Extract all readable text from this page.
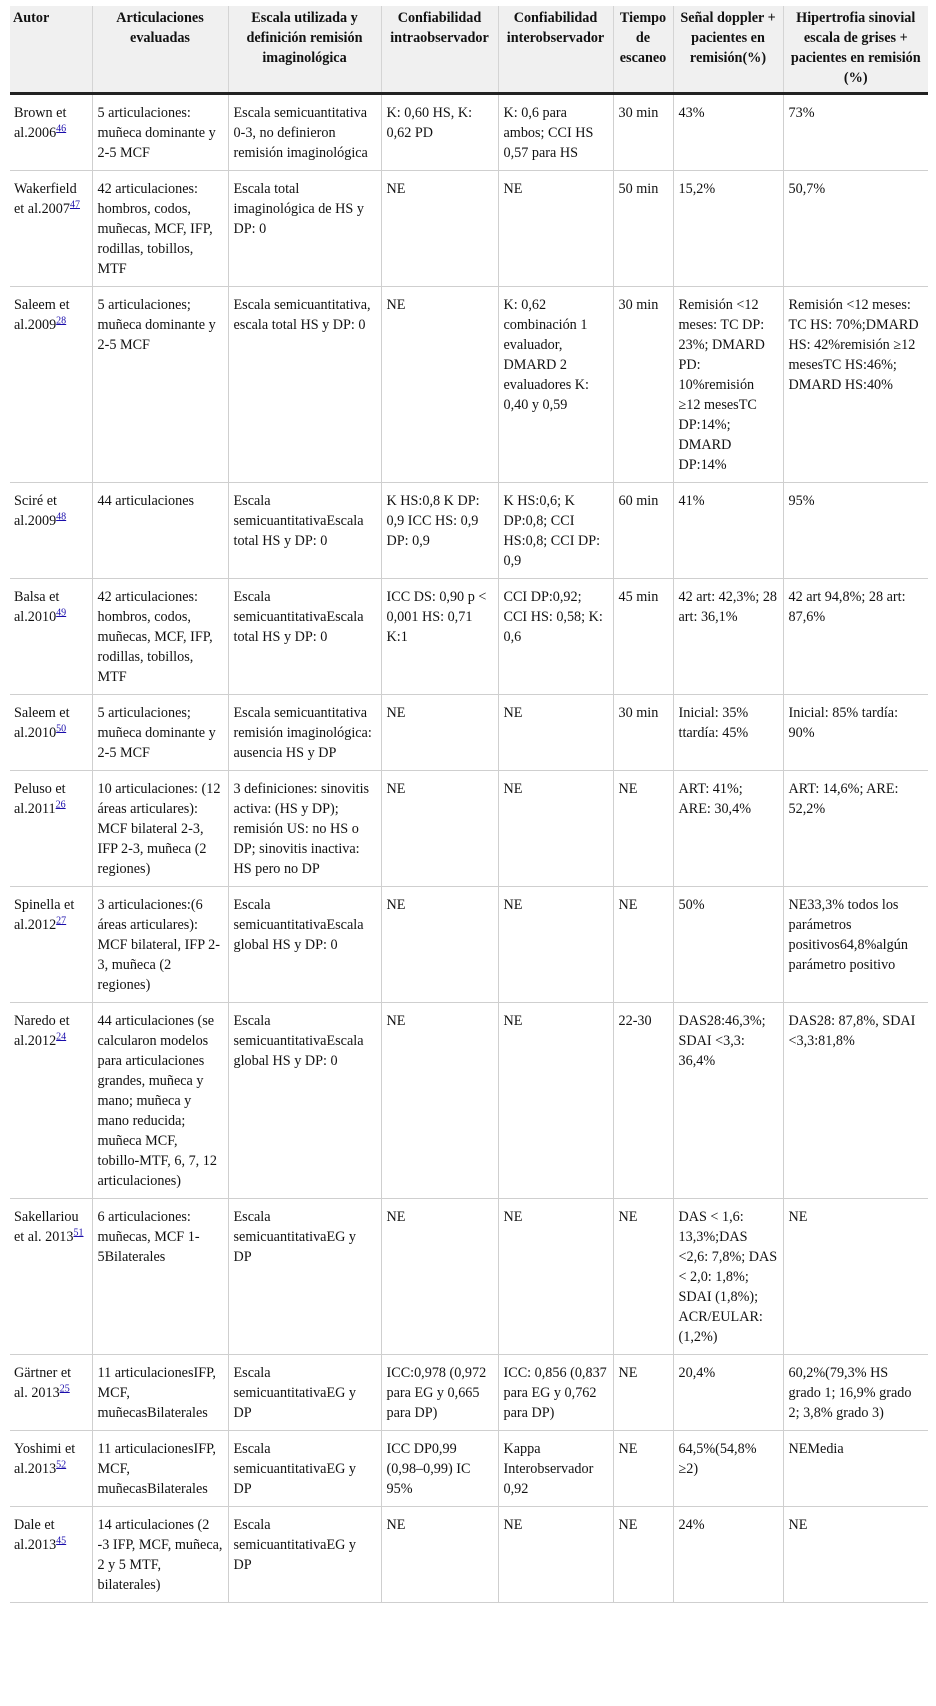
Autor	Articulaciones evaluadas	Escala utilizada y definición remisión imaginológica	Confiabilidad intraobservador	Confiabilidad interobservador	Tiempo de escaneo	Señal doppler + pacientes en remisión(%)	Hipertrofia sinovial escala de grises + pacientes en remisión (%)
Brown et al.2006$^{46}$	5 articulaciones: muñeca dominante y 2-5 MCF	Escala semicuantitativa 0-3, no definieron remisión imaginológica	K: 0,60 HS, K: 0,62 PD	K: 0,6 para ambos; CCI HS 0,57 para HS	30 min	43%	73%
Wakerfield et al.2007$^{47}$	42 articulaciones: hombros, codos, muñecas, MCF, IFP, rodillas, tobillos, MTF	Escala total imaginológica de HS y DP: 0	NE	NE	50 min	15,2%	50,7%
Saleem et al.2009$^{28}$	5 articulaciones; muñeca dominante y 2-5 MCF	Escala semicuantitativa, escala total HS y DP: 0	NE	K: 0,62 combinación 1 evaluador, DMARD 2 evaluadores K: 0,40 y 0,59	30 min	Remisión <12 meses: TC DP: 23%; DMARD PD: 10%remisión ≥12 mesesTC DP:14%; DMARD DP:14%	Remisión <12 meses: TC HS: 70%;DMARD HS: 42%remisión ≥12 mesesTC HS:46%; DMARD HS:40%
Sciré et al.2009$^{48}$	44 articulaciones	Escala semicuantitativaEscala total HS y DP: 0	K HS:0,8 K DP: 0,9 ICC HS: 0,9 DP: 0,9	K HS:0,6; K DP:0,8; CCI HS:0,8; CCI DP: 0,9	60 min	41%	95%
Balsa et al.2010$^{49}$	42 articulaciones: hombros, codos, muñecas, MCF, IFP, rodillas, tobillos, MTF	Escala semicuantitativaEscala total HS y DP: 0	ICC DS: 0,90 p < 0,001 HS: 0,71 K:1	CCI DP:0,92; CCI HS: 0,58; K: 0,6	45 min	42 art: 42,3%; 28 art: 36,1%	42 art 94,8%; 28 art: 87,6%
Saleem et al.2010$^{50}$	5 articulaciones; muñeca dominante y 2-5 MCF	Escala semicuantitativa remisión imaginológica: ausencia HS y DP	NE	NE	30 min	Inicial: 35% ttardía: 45%	Inicial: 85% tardía: 90%
Peluso et al.2011$^{26}$	10 articulaciones: (12 áreas articulares): MCF bilateral 2-3, IFP 2-3, muñeca (2 regiones)	3 definiciones: sinovitis activa: (HS y DP); remisión US: no HS o DP; sinovitis inactiva: HS pero no DP	NE	NE	NE	ART: 41%; ARE: 30,4%	ART: 14,6%; ARE: 52,2%
Spinella et al.2012$^{27}$	3 articulaciones:(6 áreas articulares): MCF bilateral, IFP 2-3, muñeca (2 regiones)	Escala semicuantitativaEscala global HS y DP: 0	NE	NE	NE	50%	NE33,3% todos los parámetros positivos64,8%algún parámetro positivo
Naredo et al.2012$^{24}$	44 articulaciones (se calcularon modelos para articulaciones grandes, muñeca y mano; muñeca y mano reducida; muñeca MCF, tobillo-MTF, 6, 7, 12 articulaciones)	Escala semicuantitativaEscala global HS y DP: 0	NE	NE	22-30	DAS28:46,3%; SDAI <3,3: 36,4%	DAS28: 87,8%, SDAI <3,3:81,8%
Sakellariou et al. 2013$^{51}$	6 articulaciones: muñecas, MCF 1-5Bilaterales	Escala semicuantitativaEG y DP	NE	NE	NE	DAS < 1,6: 13,3%;DAS <2,6: 7,8%; DAS < 2,0: 1,8%; SDAI (1,8%); ACR/EULAR: (1,2%)	NE
Gärtner et al. 2013$^{25}$	11 articulacionesIFP, MCF, muñecasBilaterales	Escala semicuantitativaEG y DP	ICC:0,978 (0,972 para EG y 0,665 para DP)	ICC: 0,856 (0,837 para EG y 0,762 para DP)	NE	20,4%	60,2%(79,3% HS grado 1; 16,9% grado 2; 3,8% grado 3)
Yoshimi et al.2013$^{52}$	11 articulacionesIFP, MCF, muñecasBilaterales	Escala semicuantitativaEG y DP	ICC DP0,99 (0,98–0,99) IC 95%	Kappa Interobservador 0,92	NE	64,5%(54,8% ≥2)	NEMedia
Dale et al.2013$^{45}$	14 articulaciones (2 -3 IFP, MCF, muñeca, 2 y 5 MTF, bilaterales)	Escala semicuantitativaEG y DP	NE	NE	NE	24%	NE
